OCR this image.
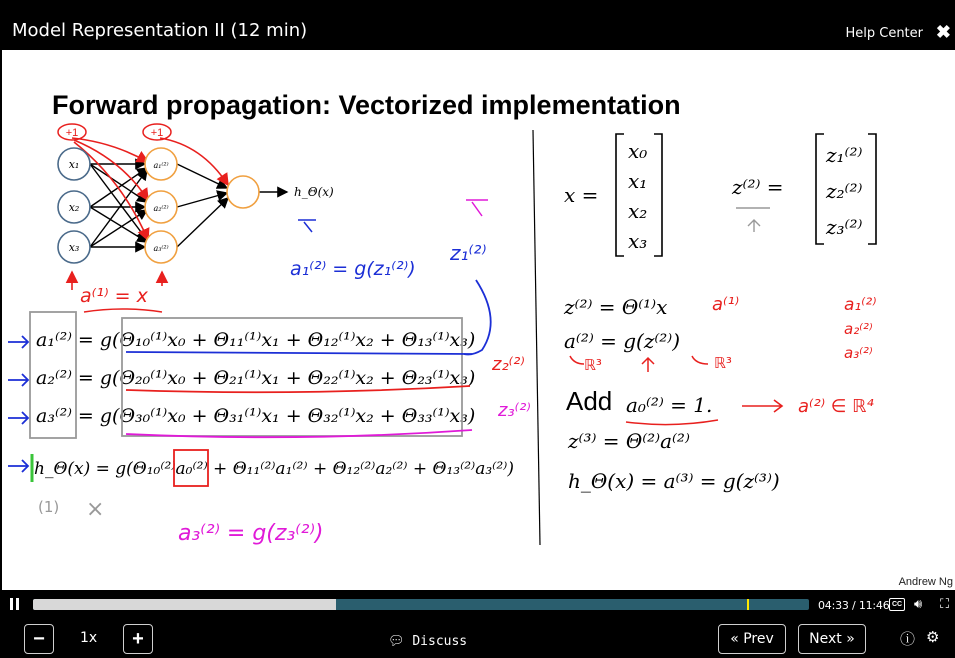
Model Representation II (12 min)	Help Center ✖
Forward propagation: Vectorized implementation
x₁
x₂
x₃
a₁⁽²⁾
a₂⁽²⁾
a₃⁽²⁾
h_Θ(x)
+1	+1
a⁽¹⁾ = x
a₁⁽²⁾ = g(z₁⁽²⁾)
z₁⁽²⁾
a₁⁽²⁾ = g(Θ₁₀⁽¹⁾x₀ + Θ₁₁⁽¹⁾x₁ + Θ₁₂⁽¹⁾x₂ + Θ₁₃⁽¹⁾x₃)
a₂⁽²⁾ = g(Θ₂₀⁽¹⁾x₀ + Θ₂₁⁽¹⁾x₁ + Θ₂₂⁽¹⁾x₂ + Θ₂₃⁽¹⁾x₃)
a₃⁽²⁾ = g(Θ₃₀⁽¹⁾x₀ + Θ₃₁⁽¹⁾x₁ + Θ₃₂⁽¹⁾x₂ + Θ₃₃⁽¹⁾x₃)
h_Θ(x) = g(Θ₁₀⁽²⁾a₀⁽²⁾ + Θ₁₁⁽²⁾a₁⁽²⁾ + Θ₁₂⁽²⁾a₂⁽²⁾ + Θ₁₃⁽²⁾a₃⁽²⁾)
z₂⁽²⁾
z₃⁽²⁾
(1) ×
a₃⁽²⁾ = g(z₃⁽²⁾)
x =
x₀
x₁
x₂
x₃
z⁽²⁾ =
z₁⁽²⁾
z₂⁽²⁾
z₃⁽²⁾
z⁽²⁾ = Θ⁽¹⁾x
a⁽²⁾ = g(z⁽²⁾)
Add a₀⁽²⁾ = 1.
z⁽³⁾ = Θ⁽²⁾a⁽²⁾
h_Θ(x) = a⁽³⁾ = g(z⁽³⁾)
a⁽¹⁾
ℝ³	ℝ³
a⁽²⁾ ∈ ℝ⁴
a₁⁽²⁾
a₂⁽²⁾
a₃⁽²⁾
Andrew Ng
04:33 / 11:46 CC 🔊︎ ⛶
−	1x	+	💬︎ Discuss	« Prev	Next »	ⓘ ⚙
